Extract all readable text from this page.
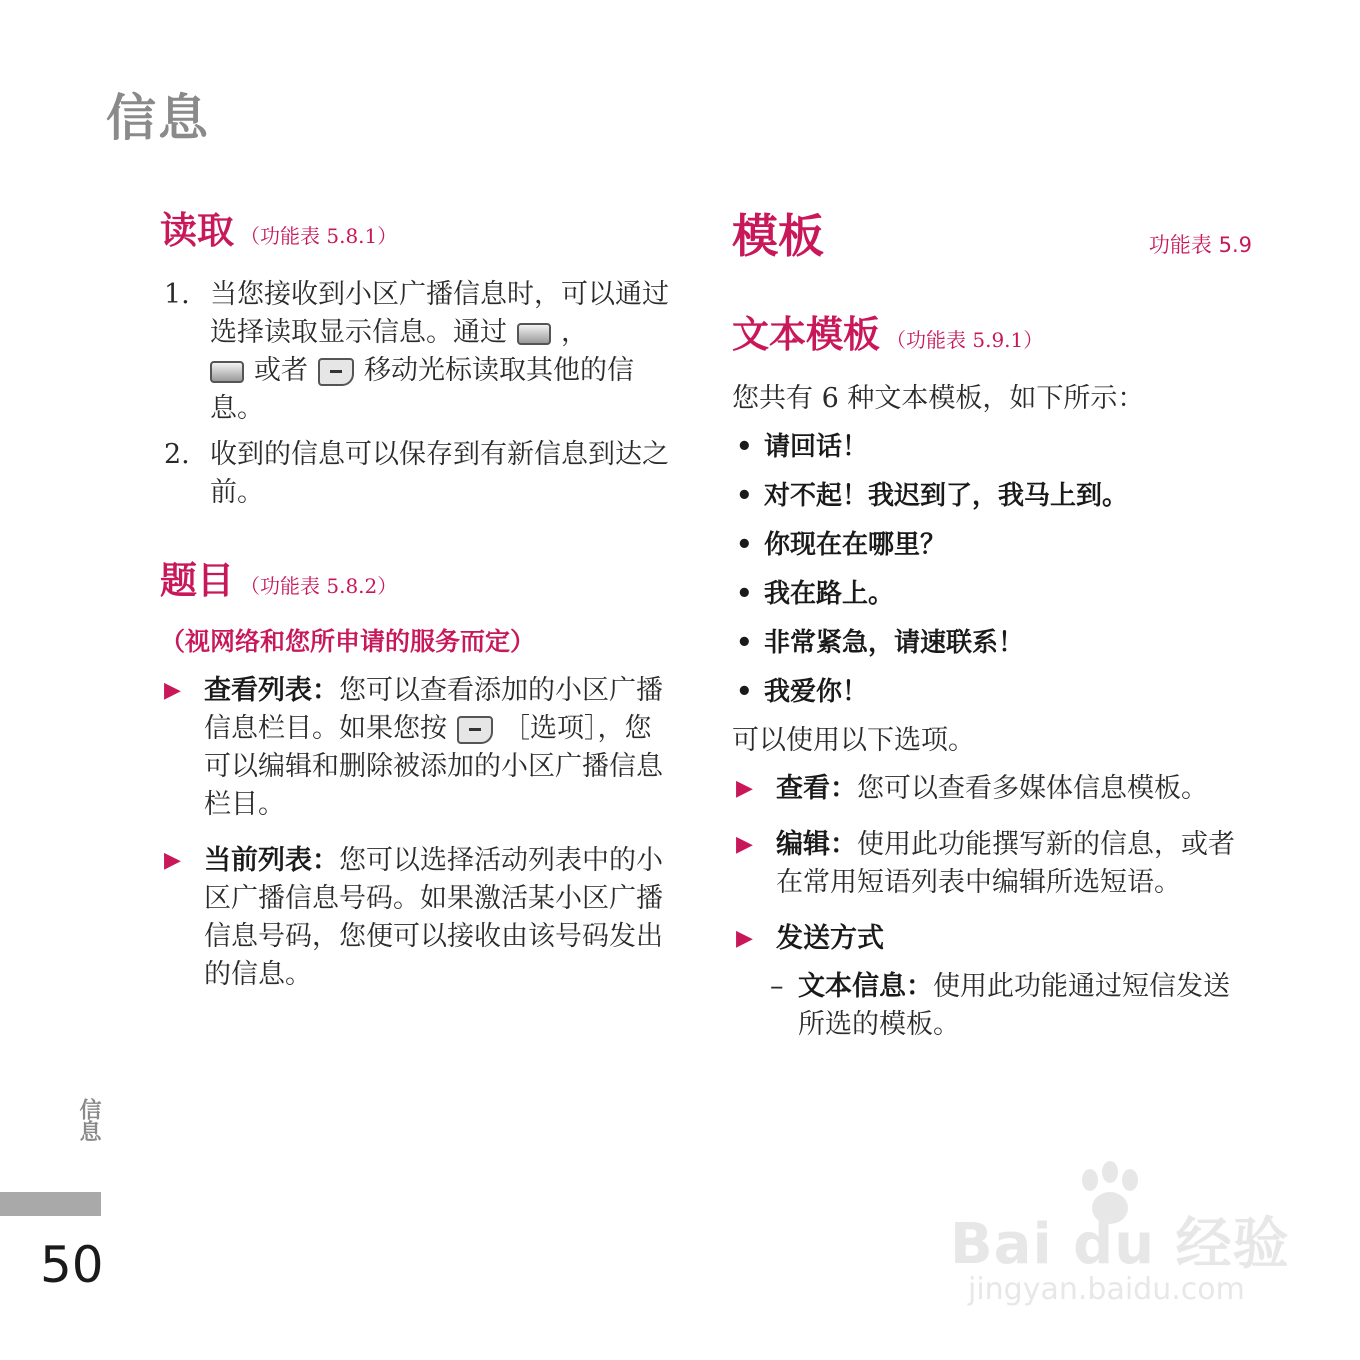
信息
读取 （功能表 5.8.1）
1. 当您接收到小区广播信息时，可以通过选择读取显示信息。通过 ，
或者 移动光标读取其他的信息。
2. 收到的信息可以保存到有新信息到达之前。
题目 （功能表 5.8.2）
（视网络和您所申请的服务而定）
▶ 查看列表：您可以查看添加的小区广播信息栏目。如果您按 ［选项］，您可以编辑和删除被添加的小区广播信息栏目。
▶ 当前列表：您可以选择活动列表中的小区广播信息号码。如果激活某小区广播信息号码，您便可以接收由该号码发出的信息。
模板	功能表 5.9
文本模板 （功能表 5.9.1）
您共有 6 种文本模板，如下所示：
• 请回话！
• 对不起！我迟到了，我马上到。
• 你现在在哪里？
• 我在路上。
• 非常紧急，请速联系！
• 我爱你！
可以使用以下选项。
▶ 查看：您可以查看多媒体信息模板。
▶ 编辑：使用此功能撰写新的信息，或者在常用短语列表中编辑所选短语。
▶ 发送方式
– 文本信息：使用此功能通过短信发送所选的模板。
信息
50	Bai du 经验
jingyan.baidu.com
